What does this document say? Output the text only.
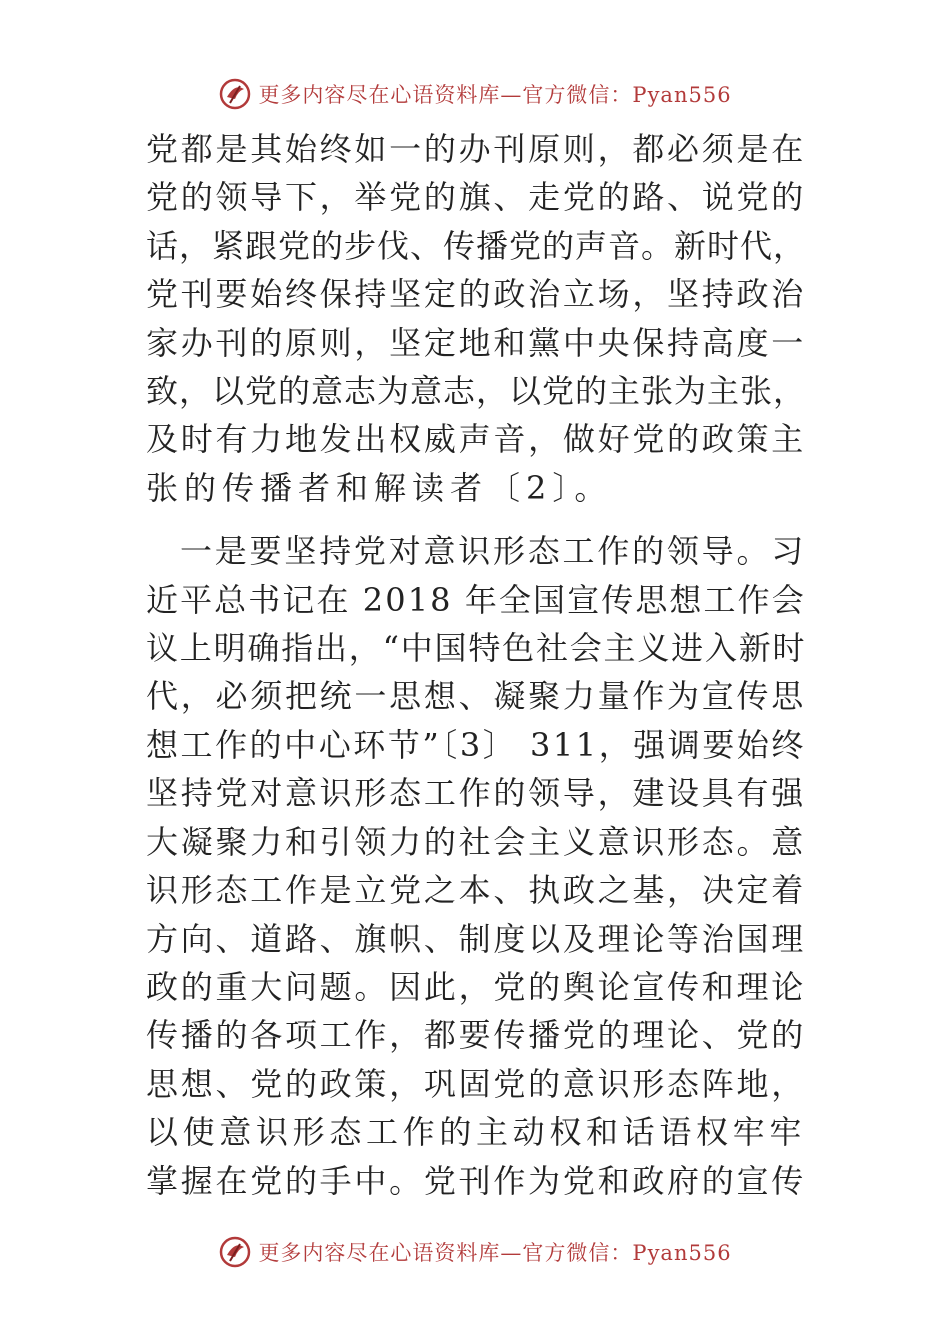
更多内容尽在心语资料库—官方微信：Pyan556

党都是其始终如一的办刊原则，都必须是在
党的领导下，举党的旗、走党的路、说党的
话，紧跟党的步伐、传播党的声音。新时代，
党刊要始终保持坚定的政治立场，坚持政治
家办刊的原则，坚定地和黨中央保持高度一
致，以党的意志为意志，以党的主张为主张，
及时有力地发出权威声音，做好党的政策主
张的传播者和解读者〔2〕。

一是要坚持党对意识形态工作的领导。习
近平总书记在 2018 年全国宣传思想工作会
议上明确指出，“中国特色社会主义进入新时
代，必须把统一思想、凝聚力量作为宣传思
想工作的中心环节”〔3〕 311，强调要始终
坚持党对意识形态工作的领导，建设具有强
大凝聚力和引领力的社会主义意识形态。意
识形态工作是立党之本、执政之基，决定着
方向、道路、旗帜、制度以及理论等治国理
政的重大问题。因此，党的舆论宣传和理论
传播的各项工作，都要传播党的理论、党的
思想、党的政策，巩固党的意识形态阵地，
以使意识形态工作的主动权和话语权牢牢
掌握在党的手中。党刊作为党和政府的宣传

更多内容尽在心语资料库—官方微信：Pyan556
